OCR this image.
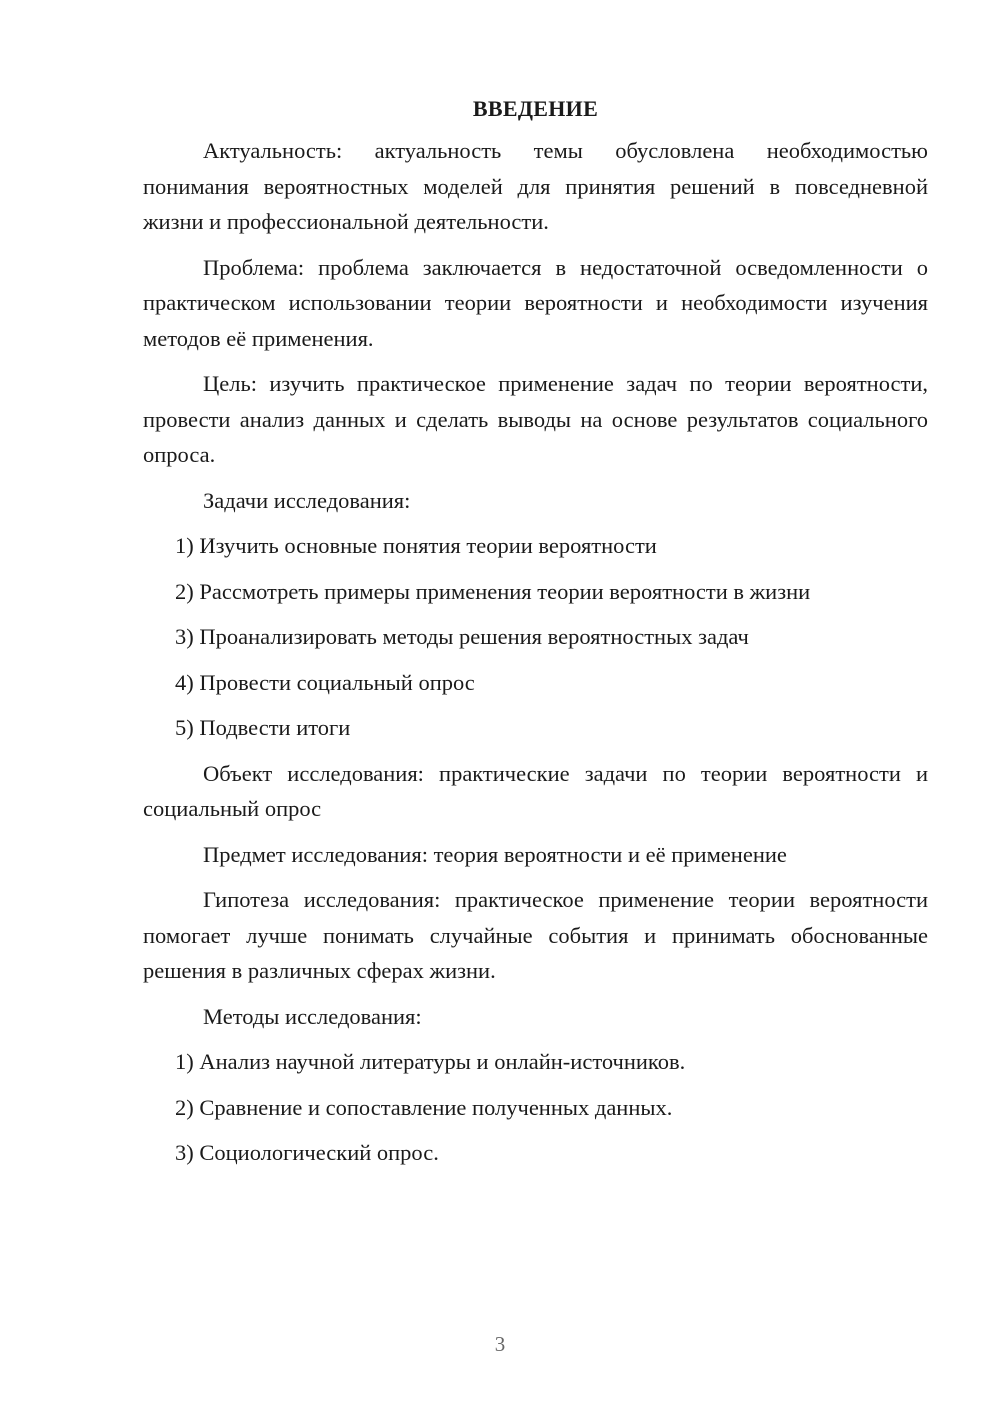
ВВЕДЕНИЕ

Актуальность: актуальность темы обусловлена необходимостью понимания вероятностных моделей для принятия решений в повседневной жизни и профессиональной деятельности.

Проблема: проблема заключается в недостаточной осведомленности о практическом использовании теории вероятности и необходимости изучения методов её применения.

Цель: изучить практическое применение задач по теории вероятности, провести анализ данных и сделать выводы на основе результатов социального опроса.

Задачи исследования:

1) Изучить основные понятия теории вероятности
2) Рассмотреть примеры применения теории вероятности в жизни
3) Проанализировать методы решения вероятностных задач
4) Провести социальный опрос
5) Подвести итоги

Объект исследования: практические задачи по теории вероятности и социальный опрос

Предмет исследования: теория вероятности и её применение

Гипотеза исследования: практическое применение теории вероятности помогает лучше понимать случайные события и принимать обоснованные решения в различных сферах жизни.

Методы исследования:

1) Анализ научной литературы и онлайн-источников.
2) Сравнение и сопоставление полученных данных.
3) Социологический опрос.
3
